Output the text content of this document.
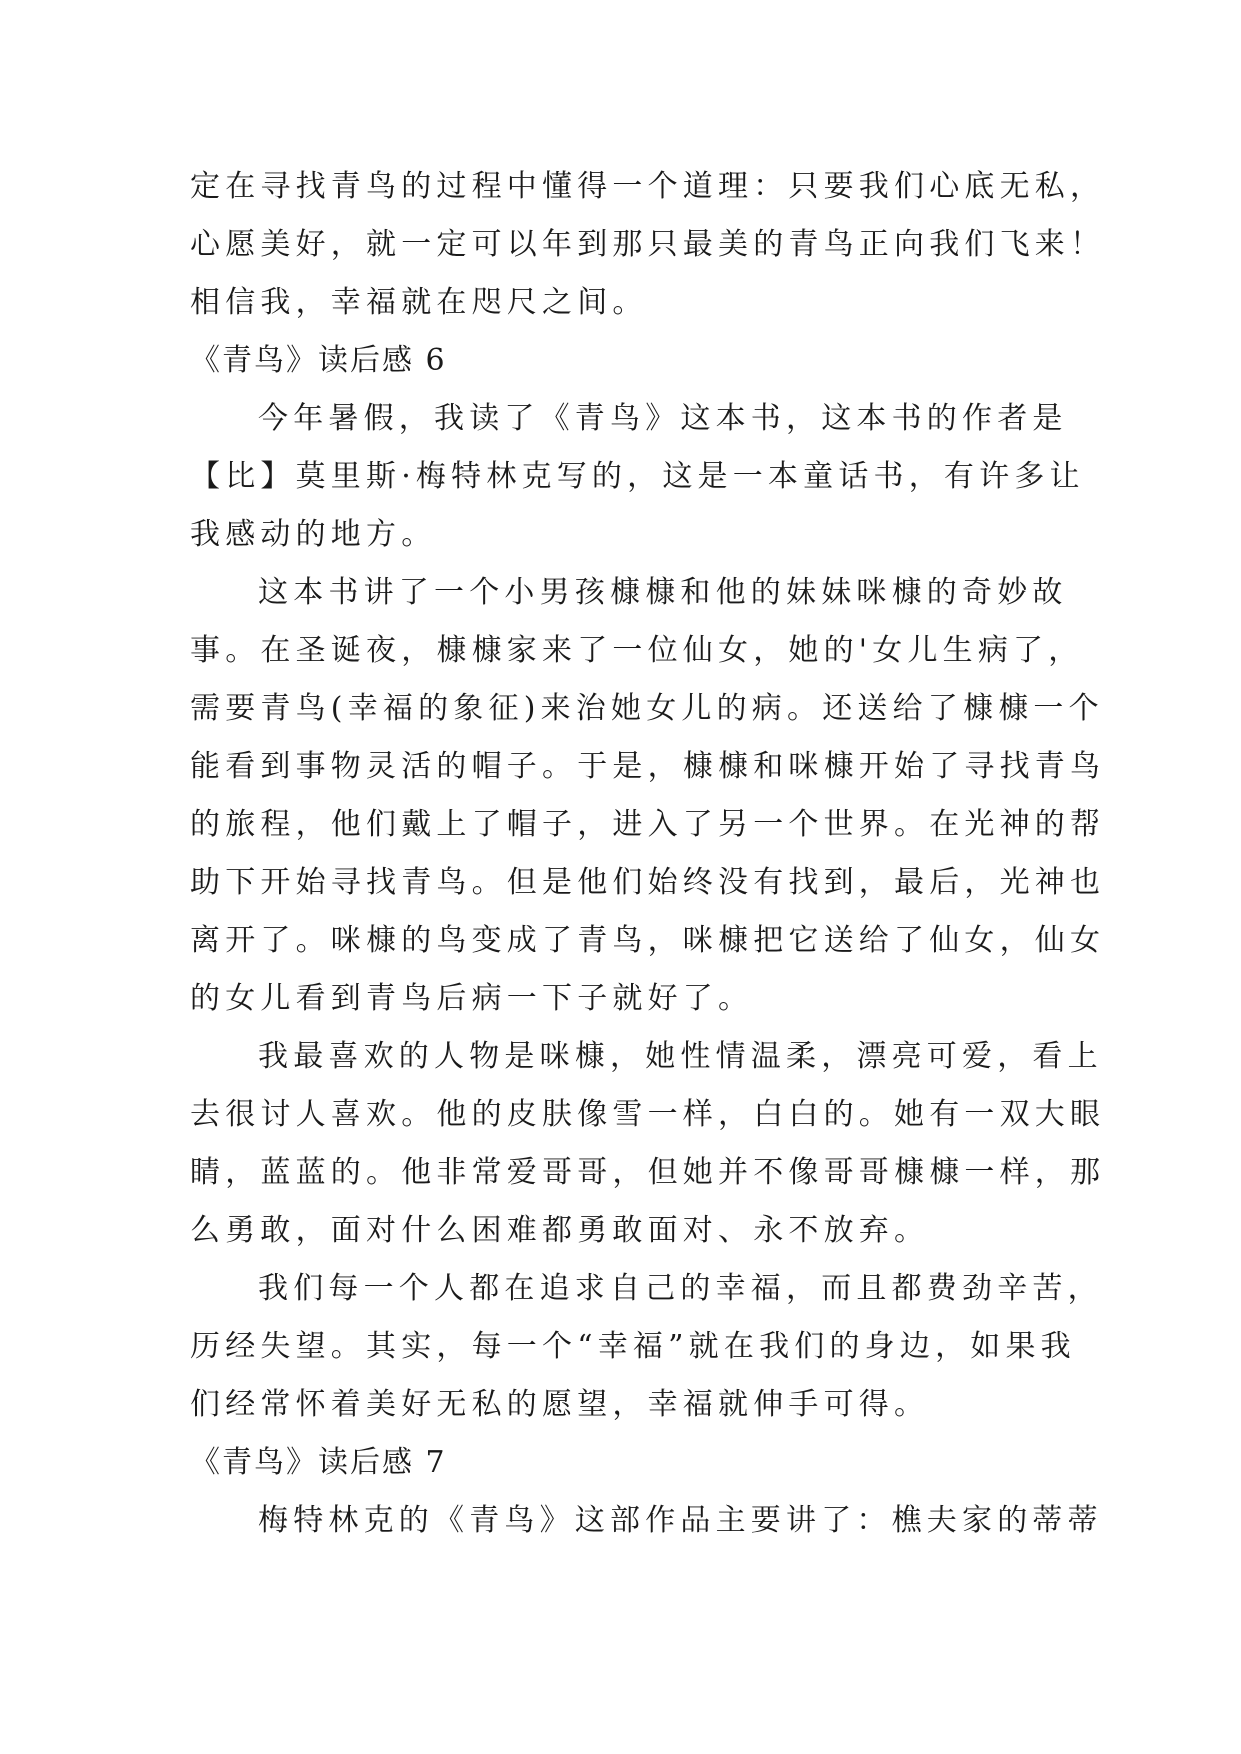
定在寻找青鸟的过程中懂得一个道理：只要我们心底无私，
心愿美好，就一定可以年到那只最美的青鸟正向我们飞来！
相信我，幸福就在咫尺之间。
《青鸟》读后感 6
今年暑假，我读了《青鸟》这本书，这本书的作者是
【比】莫里斯·梅特林克写的，这是一本童话书，有许多让
我感动的地方。
这本书讲了一个小男孩槺槺和他的妹妹咪槺的奇妙故
事。在圣诞夜，槺槺家来了一位仙女，她的'女儿生病了，
需要青鸟(幸福的象征)来治她女儿的病。还送给了槺槺一个
能看到事物灵活的帽子。于是，槺槺和咪槺开始了寻找青鸟
的旅程，他们戴上了帽子，进入了另一个世界。在光神的帮
助下开始寻找青鸟。但是他们始终没有找到，最后，光神也
离开了。咪槺的鸟变成了青鸟，咪槺把它送给了仙女，仙女
的女儿看到青鸟后病一下子就好了。
我最喜欢的人物是咪槺，她性情温柔，漂亮可爱，看上
去很讨人喜欢。他的皮肤像雪一样，白白的。她有一双大眼
睛，蓝蓝的。他非常爱哥哥，但她并不像哥哥槺槺一样，那
么勇敢，面对什么困难都勇敢面对、永不放弃。
我们每一个人都在追求自己的幸福，而且都费劲辛苦，
历经失望。其实，每一个“幸福”就在我们的身边，如果我
们经常怀着美好无私的愿望，幸福就伸手可得。
《青鸟》读后感 7
梅特林克的《青鸟》这部作品主要讲了：樵夫家的蒂蒂
